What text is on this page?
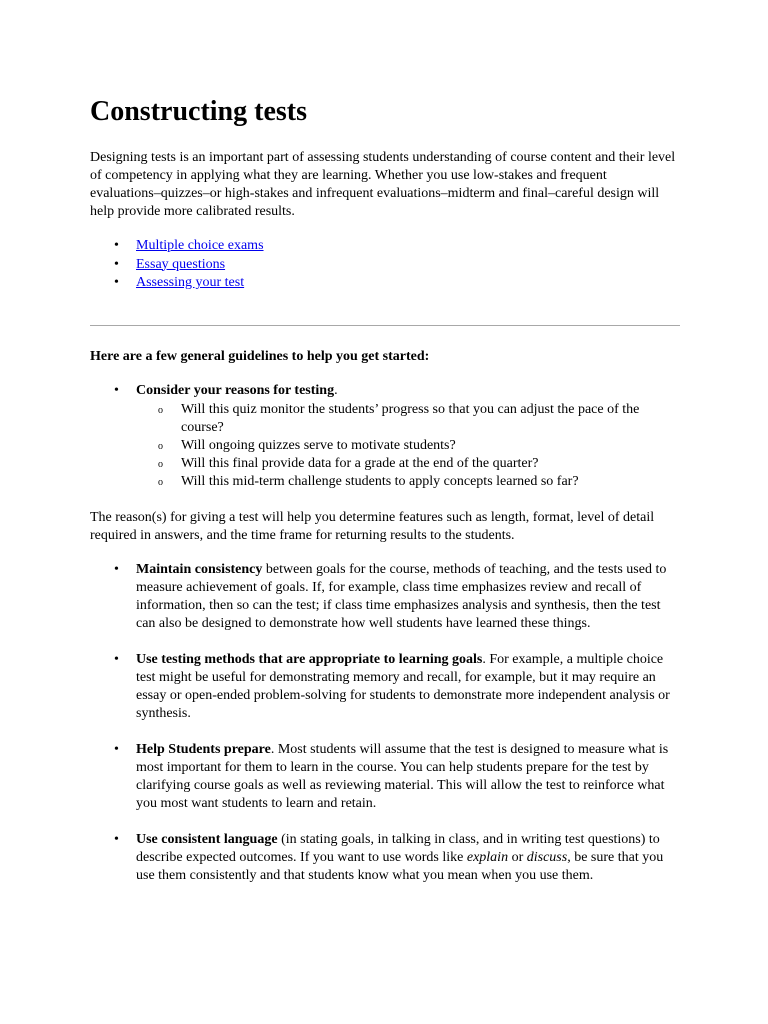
Constructing tests

Designing tests is an important part of assessing students understanding of course content and their level of competency in applying what they are learning. Whether you use low-stakes and frequent evaluations–quizzes–or high-stakes and infrequent evaluations–midterm and final–careful design will help provide more calibrated results.

• Multiple choice exams
• Essay questions
• Assessing your test

Here are a few general guidelines to help you get started:

• Consider your reasons for testing.
o Will this quiz monitor the students’ progress so that you can adjust the pace of the course?
o Will ongoing quizzes serve to motivate students?
o Will this final provide data for a grade at the end of the quarter?
o Will this mid-term challenge students to apply concepts learned so far?

The reason(s) for giving a test will help you determine features such as length, format, level of detail required in answers, and the time frame for returning results to the students.

• Maintain consistency between goals for the course, methods of teaching, and the tests used to measure achievement of goals. If, for example, class time emphasizes review and recall of information, then so can the test; if class time emphasizes analysis and synthesis, then the test can also be designed to demonstrate how well students have learned these things.
• Use testing methods that are appropriate to learning goals. For example, a multiple choice test might be useful for demonstrating memory and recall, for example, but it may require an essay or open-ended problem-solving for students to demonstrate more independent analysis or synthesis.
• Help Students prepare. Most students will assume that the test is designed to measure what is most important for them to learn in the course. You can help students prepare for the test by clarifying course goals as well as reviewing material. This will allow the test to reinforce what you most want students to learn and retain.
• Use consistent language (in stating goals, in talking in class, and in writing test questions) to describe expected outcomes. If you want to use words like explain or discuss, be sure that you use them consistently and that students know what you mean when you use them.
